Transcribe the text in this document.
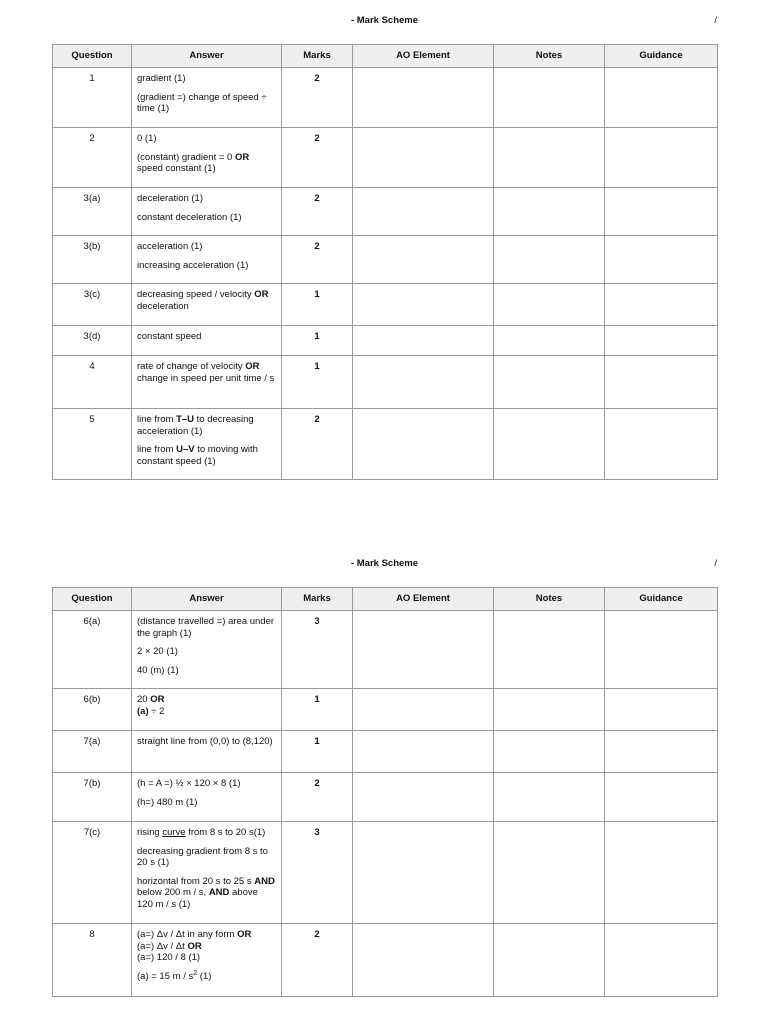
- Mark Scheme	/
Question	Answer	Marks	AO Element	Notes	Guidance
1	gradient (1)

(gradient =) change of speed ÷ time (1)	2			
2	0 (1)

(constant) gradient = 0 OR speed constant (1)	2			
3(a)	deceleration (1)

constant deceleration (1)	2			
3(b)	acceleration (1)

increasing acceleration (1)	2			
3(c)	decreasing speed / velocity OR deceleration	1			
3(d)	constant speed	1			
4	rate of change of velocity OR change in speed per unit time / s	1			
5	line from T–U to decreasing acceleration (1)

line from U–V to moving with constant speed (1)	2			
- Mark Scheme	/
Question	Answer	Marks	AO Element	Notes	Guidance
6(a)	(distance travelled =) area under the graph (1)

2 × 20 (1)

40 (m) (1)	3			
6(b)	20 OR
(a) ÷ 2	1			
7(a)	straight line from (0,0) to (8,120)	1			
7(b)	(h = A =) ½ × 120 × 8 (1)

(h=) 480 m (1)	2			
7(c)	rising curve from 8 s to 20 s(1)

decreasing gradient from 8 s to 20 s (1)

horizontal from 20 s to 25 s AND below 200 m / s, AND above 120 m / s (1)	3			
8	(a=) Δv / Δt in any form OR
(a=) Δv / Δt OR
(a=) 120 / 8 (1)

(a) = 15 m / $s^2$ (1)	2			
